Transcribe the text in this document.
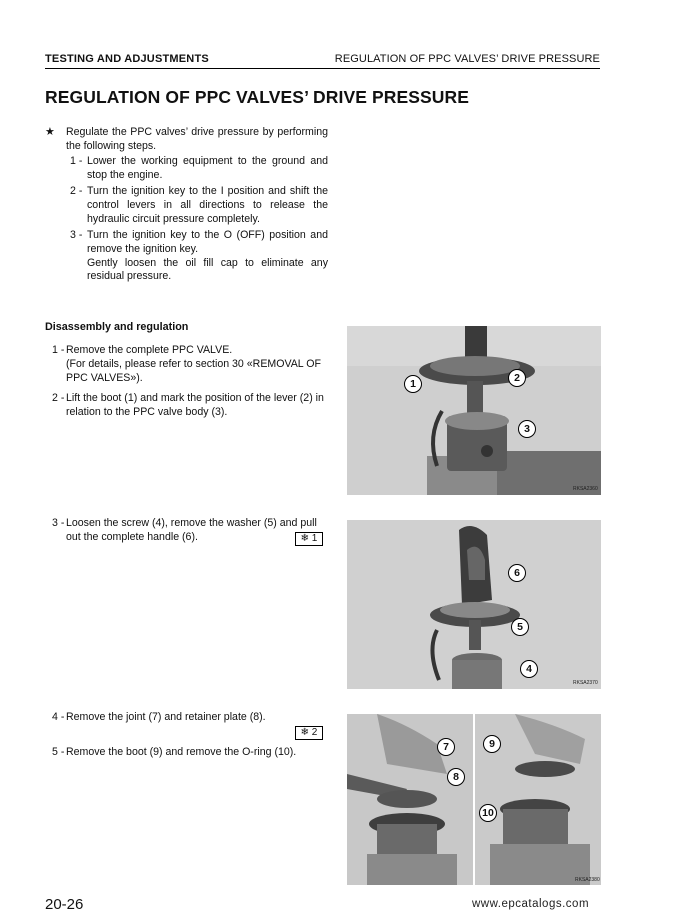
TESTING AND ADJUSTMENTS	REGULATION OF PPC VALVES’ DRIVE PRESSURE
REGULATION OF PPC VALVES’ DRIVE PRESSURE
★ Regulate the PPC valves’ drive pressure by performing the following steps.
1 - Lower the working equipment to the ground and stop the engine.
2 - Turn the ignition key to the I position and shift the control levers in all directions to release the hydraulic circuit pressure completely.
3 - Turn the ignition key to the O (OFF) position and remove the ignition key.
Gently loosen the oil fill cap to eliminate any residual pressure.
Disassembly and regulation
1 - Remove the complete PPC VALVE.
(For details, please refer to section 30 «REMOVAL OF PPC VALVES»).
2 - Lift the boot (1) and mark the position of the lever (2) in relation to the PPC valve body (3).
3 - Loosen the screw (4), remove the washer (5) and pull out the complete handle (6).	❄ 1
4 - Remove the joint (7) and retainer plate (8).
❄ 2
5 - Remove the boot (9) and remove the O-ring (10).
1	2
3
RKSA2360
6
5
4
RKSA2370
7
8
9
10
RKSA2380
20-26	www.epcatalogs.com
